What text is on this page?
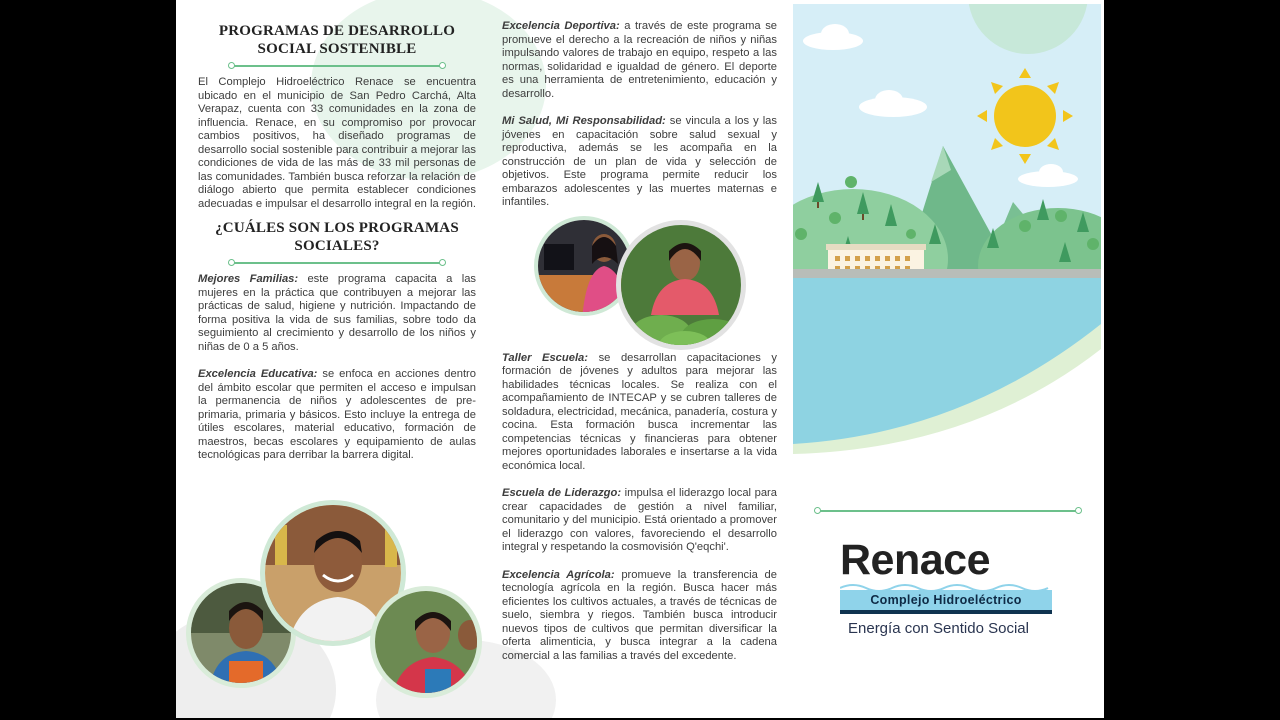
PROGRAMAS DE DESARROLLO
SOCIAL SOSTENIBLE

El Complejo Hidroeléctrico Renace se encuentra ubicado en el municipio de San Pedro Carchá, Alta Verapaz, cuenta con 33 comunidades en la zona de influencia. Renace, en su compromiso por provocar cambios positivos, ha diseñado programas de desarrollo social sostenible para contribuir a mejorar las condiciones de vida de las más de 33 mil personas de las comunidades. También busca reforzar la relación de diálogo abierto que permita establecer condiciones adecuadas e impulsar el desarrollo integral en la región.

¿CUÁLES SON LOS PROGRAMAS
SOCIALES?

Mejores Familias: este programa capacita a las mujeres en la práctica que contribuyen a mejorar las prácticas de salud, higiene y nutrición. Impactando de forma positiva la vida de sus familias, sobre todo da seguimiento al crecimiento y desarrollo de los niños y niñas de 0 a 5 años.

Excelencia Educativa: se enfoca en acciones dentro del ámbito escolar que permiten el acceso e impulsan la permanencia de niños y adolescentes de pre-primaria, primaria y básicos. Esto incluye la entrega de útiles escolares, material educativo, formación de maestros, becas escolares y equipamiento de aulas tecnológicas para derribar la barrera digital.

Excelencia Deportiva: a través de este programa se promueve el derecho a la recreación de niños y niñas impulsando valores de trabajo en equipo, respeto a las normas, solidaridad e igualdad de género. El deporte es una herramienta de entretenimiento, educación y desarrollo.

Mi Salud, Mi Responsabilidad: se vincula a los y las jóvenes en capacitación sobre salud sexual y reproductiva, además se les acompaña en la construcción de un plan de vida y selección de objetivos. Este programa permite reducir los embarazos adolescentes y las muertes maternas e infantiles.

Taller Escuela: se desarrollan capacitaciones y formación de jóvenes y adultos para mejorar las habilidades técnicas locales. Se realiza con el acompañamiento de INTECAP y se cubren talleres de soldadura, electricidad, mecánica, panadería, costura y cocina. Esta formación busca incrementar las competencias técnicas y financieras para obtener mejores oportunidades laborales e insertarse a la vida económica local.

Escuela de Liderazgo: impulsa el liderazgo local para crear capacidades de gestión a nivel familiar, comunitario y del municipio. Está orientado a promover el liderazgo con valores, favoreciendo el desarrollo integral y respetando la cosmovisión Q'eqchi'.

Excelencia Agrícola: promueve la transferencia de tecnología agrícola en la región. Busca hacer más eficientes los cultivos actuales, a través de técnicas de suelo, siembra y riegos. También busca introducir nuevos tipos de cultivos que permitan diversificar la oferta alimenticia, y busca integrar a la cadena comercial a las familias a través del excedente.

Renace
Complejo Hidroeléctrico
Energía con Sentido Social
